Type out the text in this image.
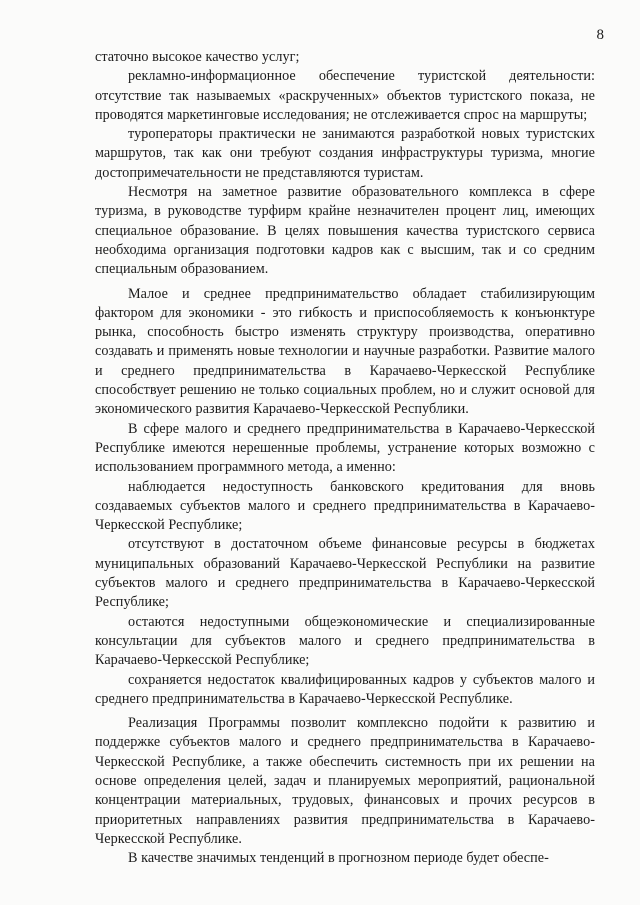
8

статочно высокое качество услуг;

рекламно-информационное обеспечение туристской деятельности: отсутствие так называемых «раскрученных» объектов туристского показа, не проводятся маркетинговые исследования; не отслеживается спрос на маршруты;

туроператоры практически не занимаются разработкой новых туристских маршрутов, так как они требуют создания инфраструктуры туризма, многие достопримечательности не представляются туристам.

Несмотря на заметное развитие образовательного комплекса в сфере туризма, в руководстве турфирм крайне незначителен процент лиц, имеющих специальное образование. В целях повышения качества туристского сервиса необходима организация подготовки кадров как с высшим, так и со средним специальным образованием.

Малое и среднее предпринимательство обладает стабилизирующим фактором для экономики - это гибкость и приспособляемость к конъюнктуре рынка, способность быстро изменять структуру производства, оперативно создавать и применять новые технологии и научные разработки. Развитие малого и среднего предпринимательства в Карачаево-Черкесской Республике способствует решению не только социальных проблем, но и служит основой для экономического развития Карачаево-Черкесской Республики.

В сфере малого и среднего предпринимательства в Карачаево-Черкесской Республике имеются нерешенные проблемы, устранение которых возможно с использованием программного метода, а именно:

наблюдается недоступность банковского кредитования для вновь создаваемых субъектов малого и среднего предпринимательства в Карачаево-Черкесской Республике;

отсутствуют в достаточном объеме финансовые ресурсы в бюджетах муниципальных образований Карачаево-Черкесской Республики на развитие субъектов малого и среднего предпринимательства в Карачаево-Черкесской Республике;

остаются недоступными общеэкономические и специализированные консультации для субъектов малого и среднего предпринимательства в Карачаево-Черкесской Республике;

сохраняется недостаток квалифицированных кадров у субъектов малого и среднего предпринимательства в Карачаево-Черкесской Республике.

Реализация Программы позволит комплексно подойти к развитию и поддержке субъектов малого и среднего предпринимательства в Карачаево-Черкесской Республике, а также обеспечить системность при их решении на основе определения целей, задач и планируемых мероприятий, рациональной концентрации материальных, трудовых, финансовых и прочих ресурсов в приоритетных направлениях развития предпринимательства в Карачаево-Черкесской Республике.

В качестве значимых тенденций в прогнозном периоде будет обеспе-
